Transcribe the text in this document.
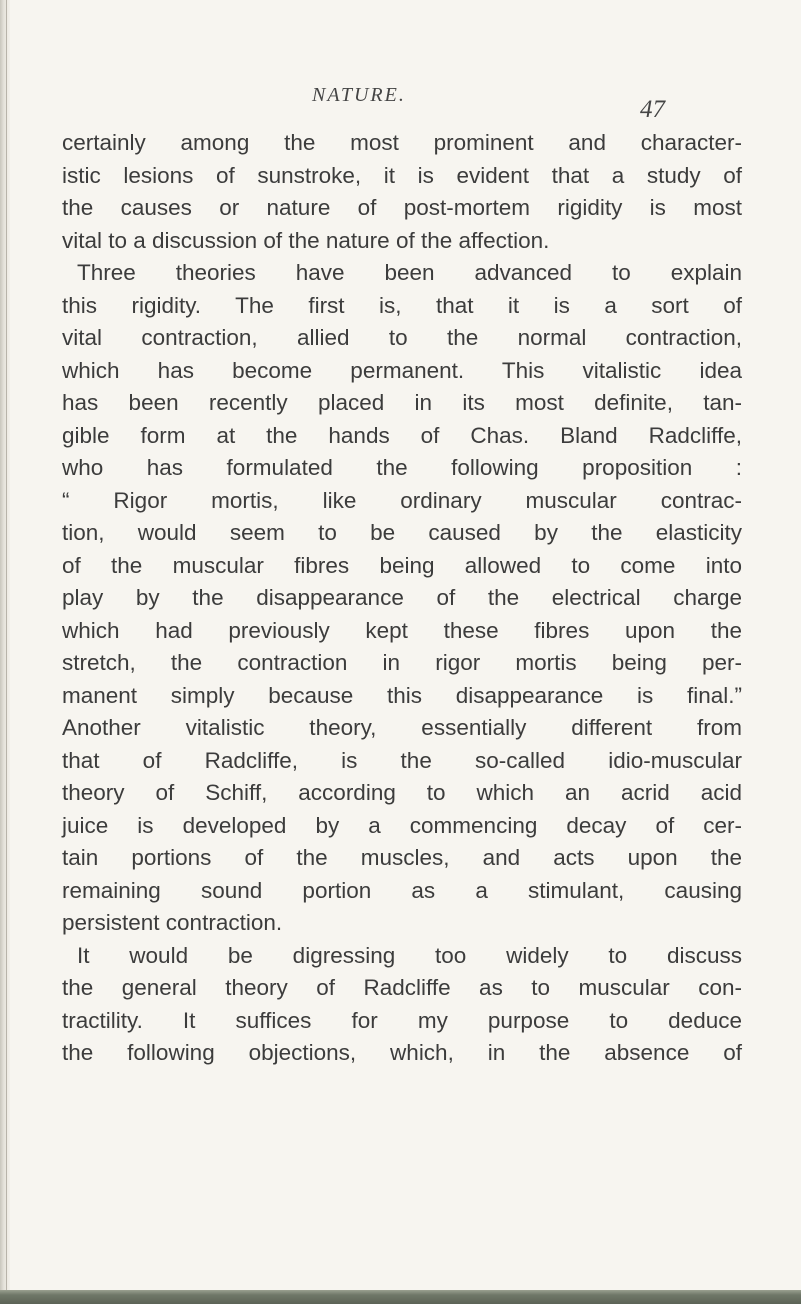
NATURE.
47
certainly among the most prominent and character-
istic lesions of sunstroke, it is evident that a study of
the causes or nature of post-mortem rigidity is most
vital to a discussion of the nature of the affection.
Three theories have been advanced to explain
this rigidity. The first is, that it is a sort of
vital contraction, allied to the normal contraction,
which has become permanent. This vitalistic idea
has been recently placed in its most definite, tan-
gible form at the hands of Chas. Bland Radcliffe,
who has formulated the following proposition :
“ Rigor mortis, like ordinary muscular contrac-
tion, would seem to be caused by the elasticity
of the muscular fibres being allowed to come into
play by the disappearance of the electrical charge
which had previously kept these fibres upon the
stretch, the contraction in rigor mortis being per-
manent simply because this disappearance is final.”
Another vitalistic theory, essentially different from
that of Radcliffe, is the so-called idio-muscular
theory of Schiff, according to which an acrid acid
juice is developed by a commencing decay of cer-
tain portions of the muscles, and acts upon the
remaining sound portion as a stimulant, causing
persistent contraction.
It would be digressing too widely to discuss
the general theory of Radcliffe as to muscular con-
tractility. It suffices for my purpose to deduce
the following objections, which, in the absence of
